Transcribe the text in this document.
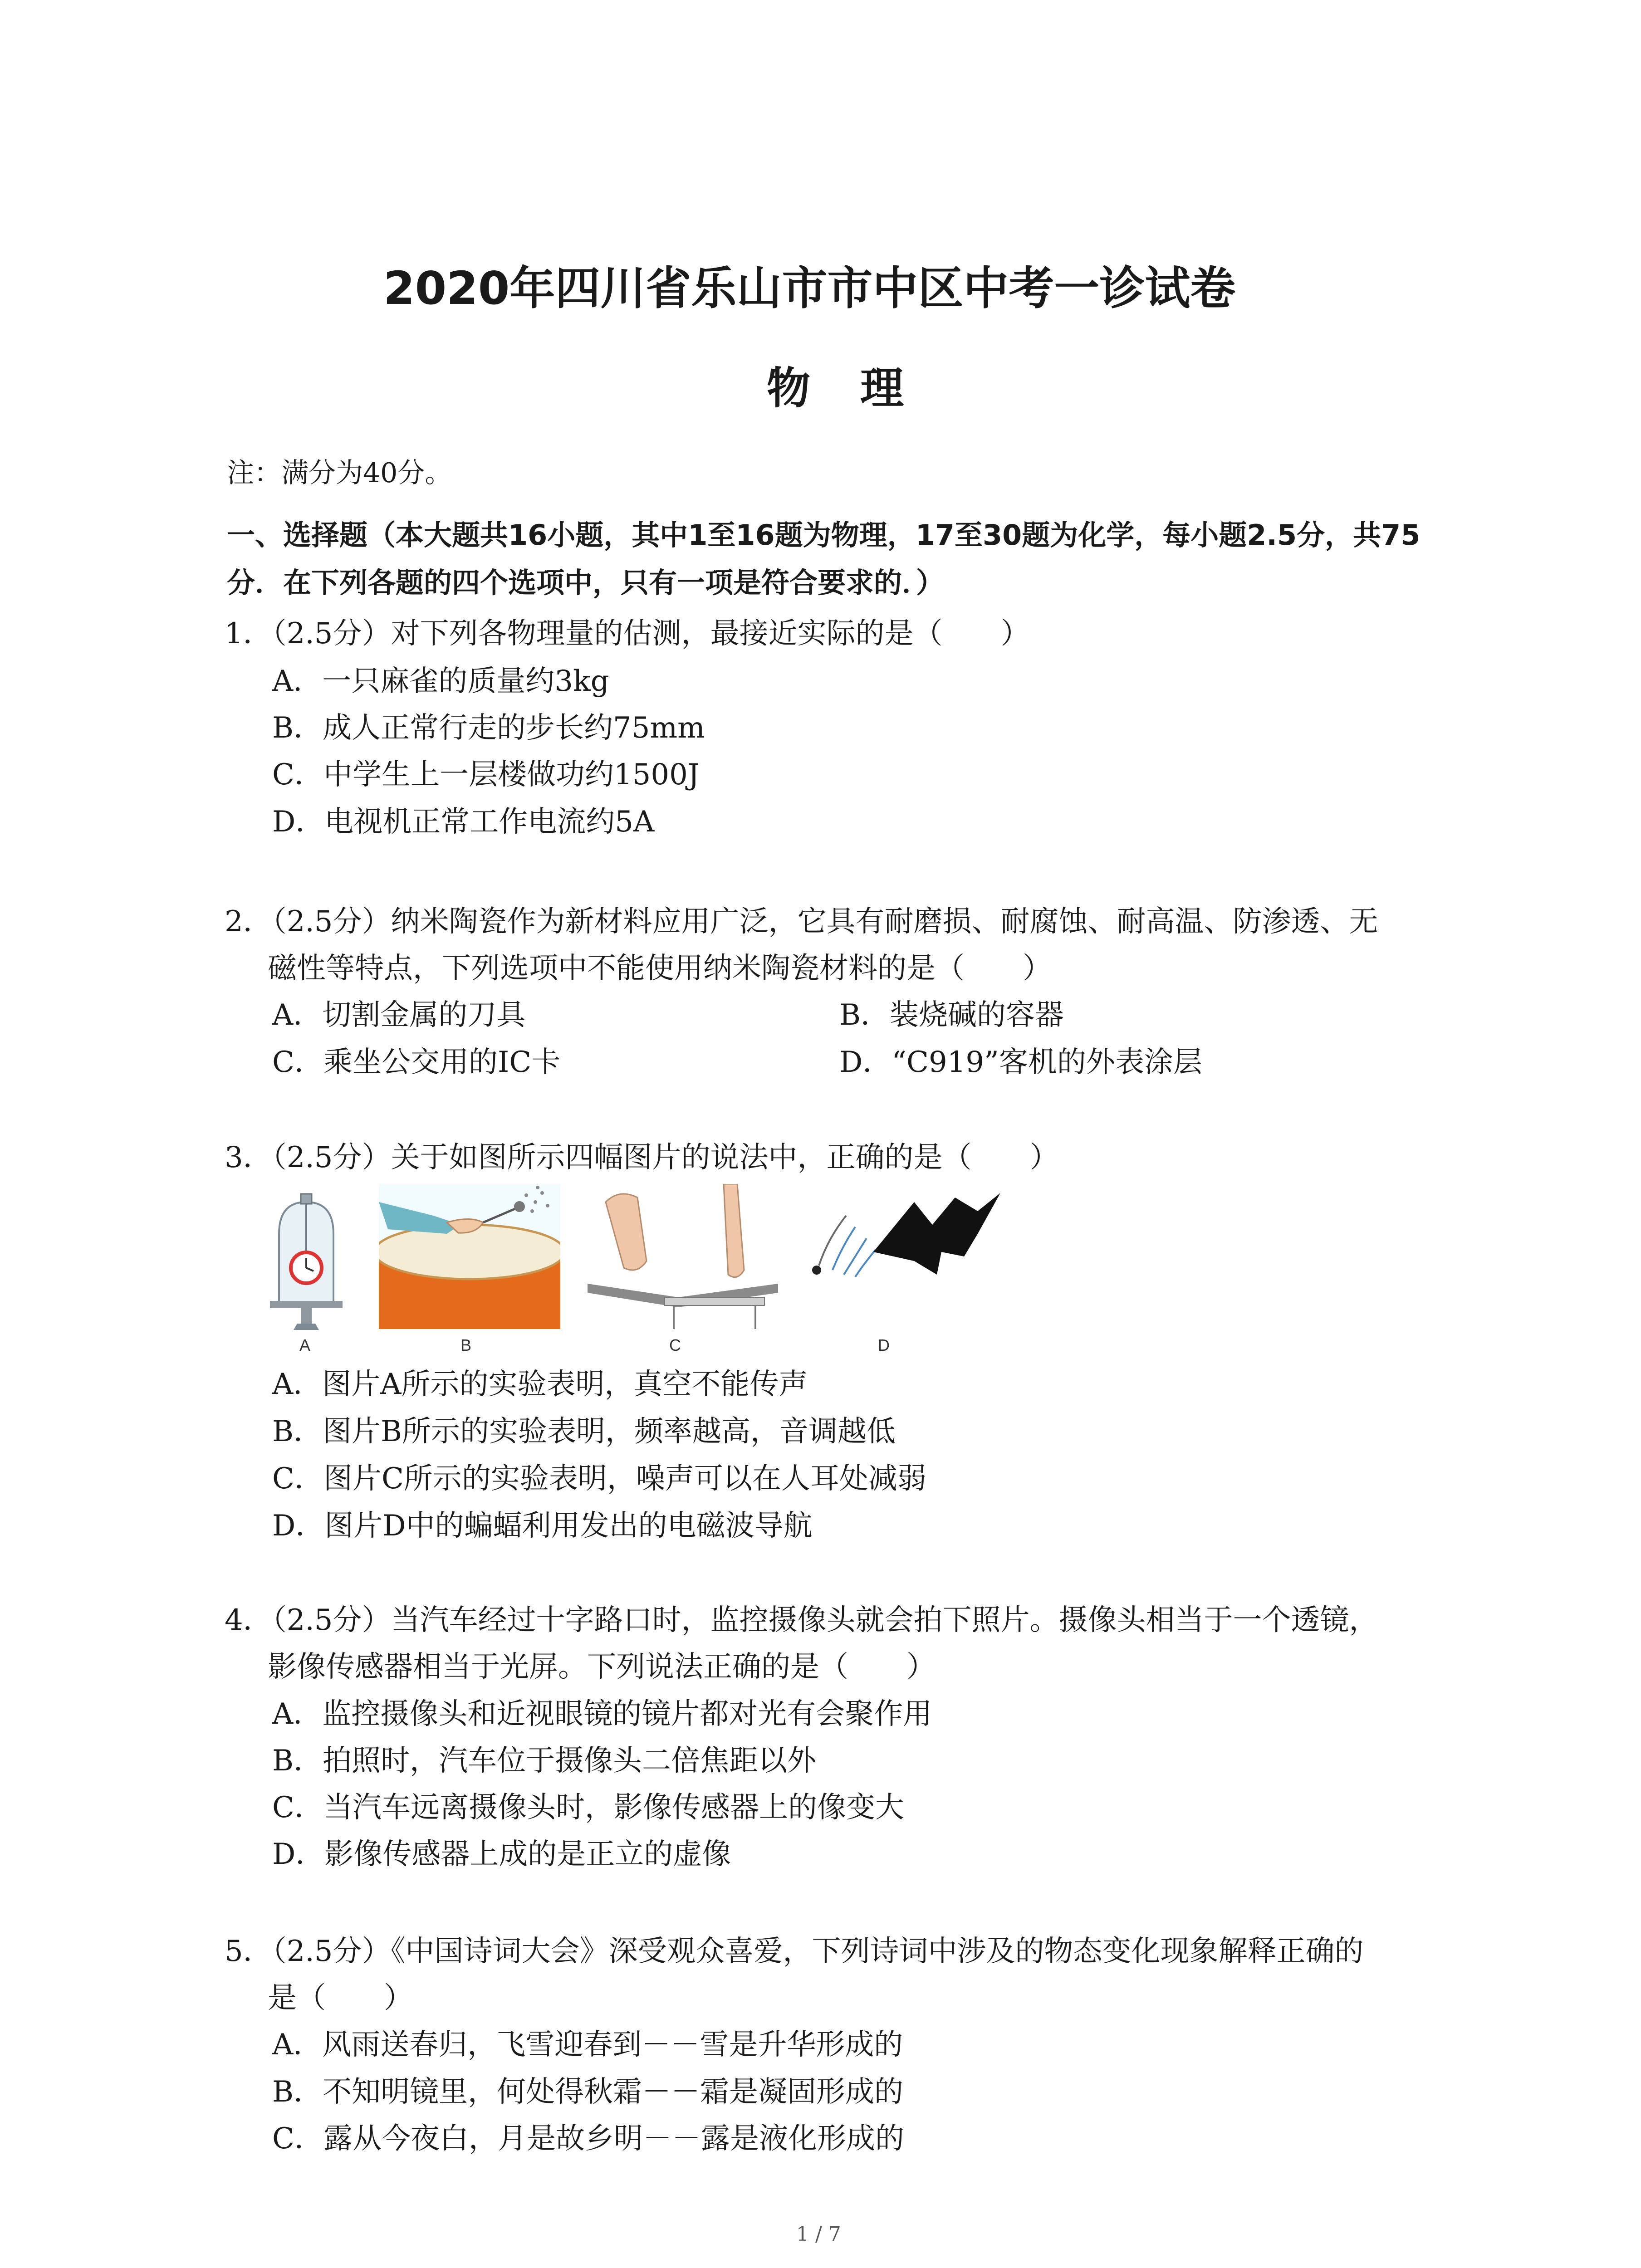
2020年四川省乐山市市中区中考一诊试卷
物理
注：满分为40分。
一、选择题（本大题共16小题，其中1至16题为物理，17至30题为化学，每小题2.5分，共75
分．在下列各题的四个选项中，只有一项是符合要求的．）
1．（2.5分）对下列各物理量的估测，最接近实际的是（　　）
A．一只麻雀的质量约3kg
B．成人正常行走的步长约75mm
C．中学生上一层楼做功约1500J
D．电视机正常工作电流约5A
2．（2.5分）纳米陶瓷作为新材料应用广泛，它具有耐磨损、耐腐蚀、耐高温、防渗透、无
磁性等特点，下列选项中不能使用纳米陶瓷材料的是（　　）
A．切割金属的刀具	B．装烧碱的容器
C．乘坐公交用的IC卡	D．“C919”客机的外表涂层
3．（2.5分）关于如图所示四幅图片的说法中，正确的是（　　）
A	B	C	D
A．图片A所示的实验表明，真空不能传声
B．图片B所示的实验表明，频率越高，音调越低
C．图片C所示的实验表明，噪声可以在人耳处减弱
D．图片D中的蝙蝠利用发出的电磁波导航
4．（2.5分）当汽车经过十字路口时，监控摄像头就会拍下照片。摄像头相当于一个透镜，
影像传感器相当于光屏。下列说法正确的是（　　）
A．监控摄像头和近视眼镜的镜片都对光有会聚作用
B．拍照时，汽车位于摄像头二倍焦距以外
C．当汽车远离摄像头时，影像传感器上的像变大
D．影像传感器上成的是正立的虚像
5．（2.5分）《中国诗词大会》深受观众喜爱，下列诗词中涉及的物态变化现象解释正确的
是（　　）
A．风雨送春归，飞雪迎春到－－雪是升华形成的
B．不知明镜里，何处得秋霜－－霜是凝固形成的
C．露从今夜白，月是故乡明－－露是液化形成的
1 / 7
